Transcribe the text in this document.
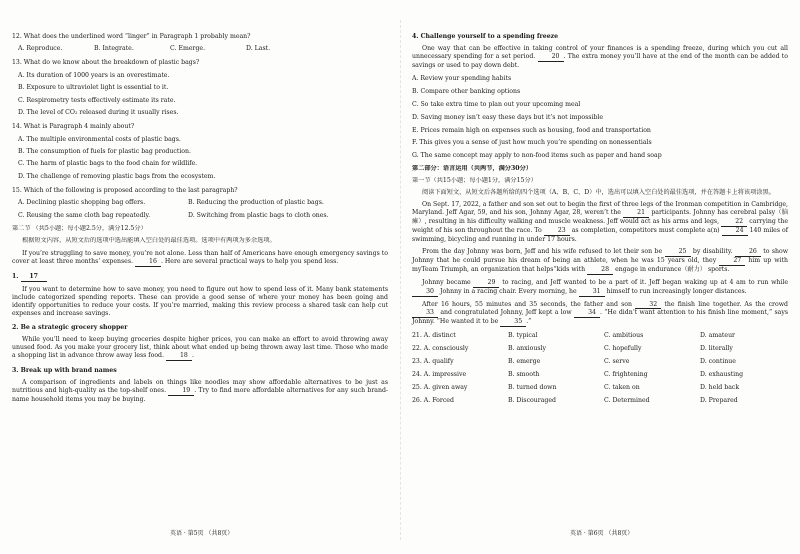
12. What does the underlined word “linger” in Paragraph 1 probably mean?
A. Reproduce.	B. Integrate.	C. Emerge.	D. Last.
13. What do we know about the breakdown of plastic bags?
A. Its duration of 1000 years is an overestimate.
B. Exposure to ultraviolet light is essential to it.
C. Respirometry tests effectively estimate its rate.
D. The level of CO₂ released during it usually rises.
14. What is Paragraph 4 mainly about?
A. The multiple environmental costs of plastic bags.
B. The consumption of fuels for plastic bag production.
C. The harm of plastic bags to the food chain for wildlife.
D. The challenge of removing plastic bags from the ecosystem.
15. Which of the following is proposed according to the last paragraph?
A. Declining plastic shopping bag offers.	B. Reducing the production of plastic bags.
C. Reusing the same cloth bag repeatedly.	D. Switching from plastic bags to cloth ones.
第二节 （共5小题；每小题2.5分，满分12.5分）
根据短文内容，从短文后的选项中选出能填入空白处的最佳选项。选项中有两项为多余选项。
If you’re struggling to save money, you’re not alone. Less than half of Americans have enough emergency savings to cover at least three months’ expenses.	16 . Here are several practical ways to help you spend less.
1. 17
If you want to determine how to save money, you need to figure out how to spend less of it. Many bank statements include categorized spending reports. These can provide a good sense of where your money has been going and identify opportunities to reduce your costs. If you’re married, making this review process a shared task can help cut expenses and increase savings.
2. Be a strategic grocery shopper
While you’ll need to keep buying groceries despite higher prices, you can make an effort to avoid throwing away unused food. As you make your grocery list, think about what ended up being thrown away last time. Those who made a shopping list in advance throw away less food.	18 .
3. Break up with brand names
A comparison of ingredients and labels on things like noodles may show affordable alternatives to be just as nutritious and high-quality as the top-shelf ones.	19 . Try to find more affordable alternatives for any such brand-name household items you may be buying.
英语 · 第5页 （共8页）
4. Challenge yourself to a spending freeze
One way that can be effective in taking control of your finances is a spending freeze, during which you cut all unnecessary spending for a set period.	20 . The extra money you’ll have at the end of the month can be added to savings or used to pay down debt.
A. Review your spending habits
B. Compare other banking options
C. So take extra time to plan out your upcoming meal
D. Saving money isn’t easy these days but it’s not impossible
E. Prices remain high on expenses such as housing, food and transportation
F. This gives you a sense of just how much you’re spending on nonessentials
G. The same concept may apply to non-food items such as paper and hand soap
第二部分：语言运用（共两节，满分30分）
第一节（共15小题；每小题1分，满分15分）
阅读下面短文，从短文后各题所给的四个选项（A、B、C、D）中，选出可以填入空白处的最佳选项，并在答题卡上将该项涂黑。
On Sept. 17, 2022, a father and son set out to begin the first of three legs of the Ironman competition in Cambridge, Maryland. Jeff Agar, 59, and his son, Johnny Agar, 28, weren’t the	21 participants. Johnny has cerebral palsy（脑瘫）, resulting in his difficulty walking and muscle weakness. Jeff would act as his arms and legs,	22 carrying the weight of his son throughout the race. To	23 as completion, competitors must complete a(n)	24 140 miles of swimming, bicycling and running in under 17 hours.
From the day Johnny was born, Jeff and his wife refused to let their son be	25 by disability.	26 to show Johnny that he could pursue his dream of being an athlete, when he was 15 years old, they	27 him up with myTeam Triumph, an organization that helps“kids with	28 engage in endurance（耐力） sports.
Johnny became	29 to racing, and Jeff wanted to be a part of it. Jeff began waking up at 4 am to run while 30 Johnny in a racing chair. Every morning, he	31 himself to run increasingly longer distances.
After 16 hours, 55 minutes and 35 seconds, the father and son	32 the finish line together. As the crowd 33 and congratulated Johnny, Jeff kept a low	34 . “He didn’t want attention to his finish line moment,” says Johnny. “He wanted it to be	35 .”
21. A. distinct	B. typical	C. ambitious	D. amateur
22. A. consciously	B. anxiously	C. hopefully	D. literally
23. A. qualify	B. emerge	C. serve	D. continue
24. A. impressive	B. smooth	C. frightening	D. exhausting
25. A. given away	B. turned down	C. taken on	D. held back
26. A. Forced	B. Discouraged	C. Determined	D. Prepared
英语 · 第6页 （共8页）
